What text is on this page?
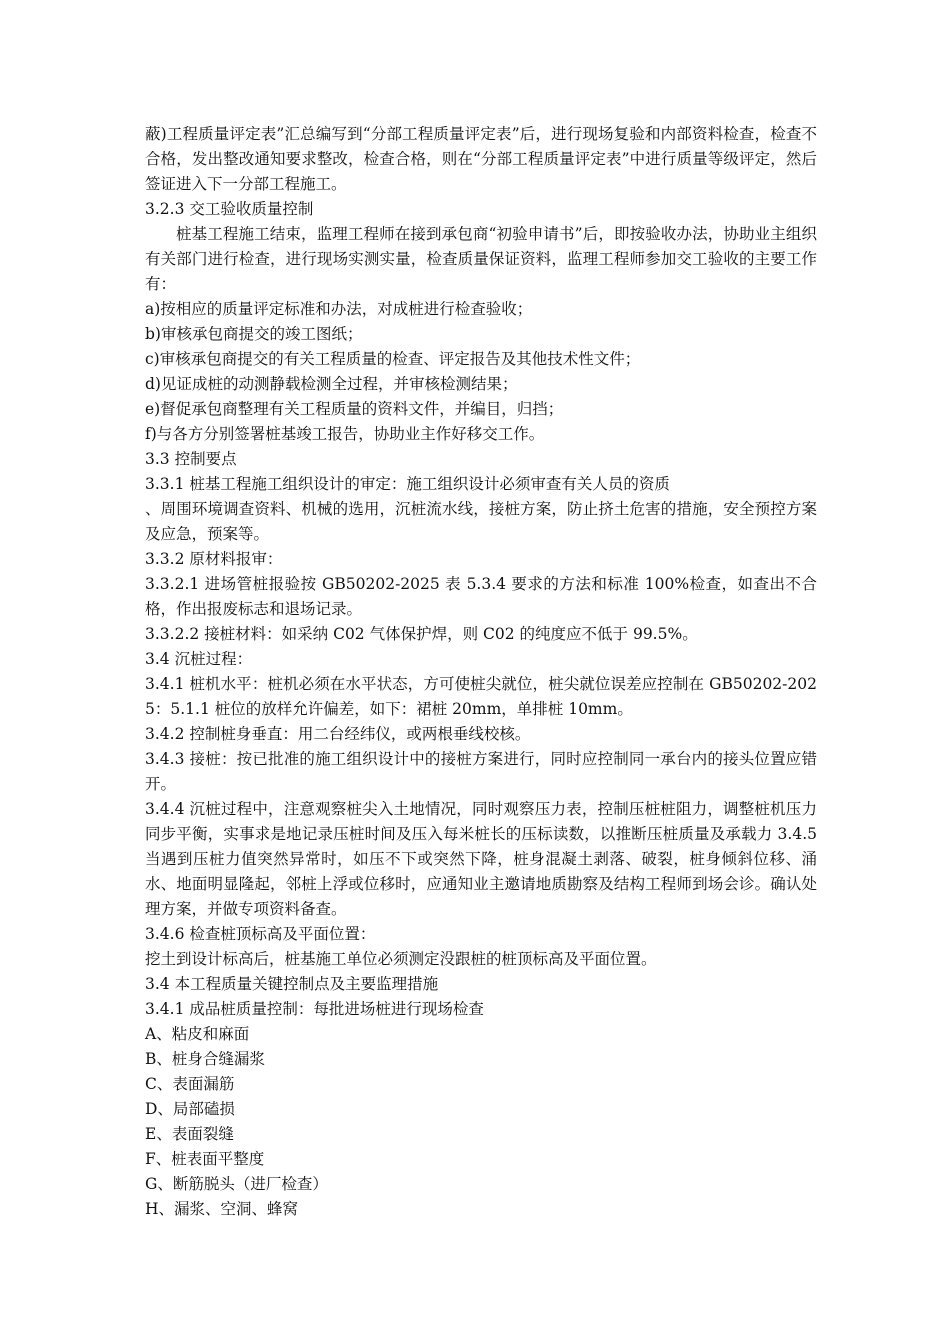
蔽)工程质量评定表”汇总编写到“分部工程质量评定表”后，进行现场复验和内部资料检查，检查不合格，发出整改通知要求整改，检查合格，则在“分部工程质量评定表”中进行质量等级评定，然后签证进入下一分部工程施工。

3.2.3 交工验收质量控制

桩基工程施工结束，监理工程师在接到承包商“初验申请书”后，即按验收办法，协助业主组织有关部门进行检查，进行现场实测实量，检查质量保证资料，监理工程师参加交工验收的主要工作有：

a)按相应的质量评定标准和办法，对成桩进行检查验收；

b)审核承包商提交的竣工图纸；

c)审核承包商提交的有关工程质量的检查、评定报告及其他技术性文件；

d)见证成桩的动测静载检测全过程，并审核检测结果；

e)督促承包商整理有关工程质量的资料文件，并编目，归挡；

f)与各方分别签署桩基竣工报告，协助业主作好移交工作。

3.3 控制要点

3.3.1 桩基工程施工组织设计的审定：施工组织设计必须审查有关人员的资质

、周围环境调查资料、机械的选用，沉桩流水线，接桩方案，防止挤土危害的措施，安全预控方案及应急，预案等。

3.3.2 原材料报审：

3.3.2.1 进场管桩报验按 GB50202-2025 表 5.3.4 要求的方法和标准 100%检查，如查出不合格，作出报废标志和退场记录。

3.3.2.2 接桩材料：如采纳 C02 气体保护焊，则 C02 的纯度应不低于 99.5%。

3.4 沉桩过程：

3.4.1 桩机水平：桩机必须在水平状态，方可使桩尖就位，桩尖就位误差应控制在 GB50202-2025：5.1.1 桩位的放样允许偏差，如下：裙桩 20mm，单排桩 10mm。

3.4.2 控制桩身垂直：用二台经纬仪，或两根垂线校核。

3.4.3 接桩：按已批准的施工组织设计中的接桩方案进行，同时应控制同一承台内的接头位置应错开。

3.4.4 沉桩过程中，注意观察桩尖入土地情况，同时观察压力表，控制压桩桩阻力，调整桩机压力同步平衡，实事求是地记录压桩时间及压入每米桩长的压标读数，以推断压桩质量及承载力 3.4.5 当遇到压桩力值突然异常时，如压不下或突然下降，桩身混凝土剥落、破裂，桩身倾斜位移、涌水、地面明显隆起，邻桩上浮或位移时，应通知业主邀请地质勘察及结构工程师到场会诊。确认处理方案，并做专项资料备查。

3.4.6 检查桩顶标高及平面位置：

挖土到设计标高后，桩基施工单位必须测定没跟桩的桩顶标高及平面位置。

3.4 本工程质量关键控制点及主要监理措施

3.4.1 成品桩质量控制：每批进场桩进行现场检查

A、粘皮和麻面

B、桩身合缝漏浆

C、表面漏筋

D、局部磕损

E、表面裂缝

F、桩表面平整度

G、断筋脱头（进厂检查）

H、漏浆、空洞、蜂窝
